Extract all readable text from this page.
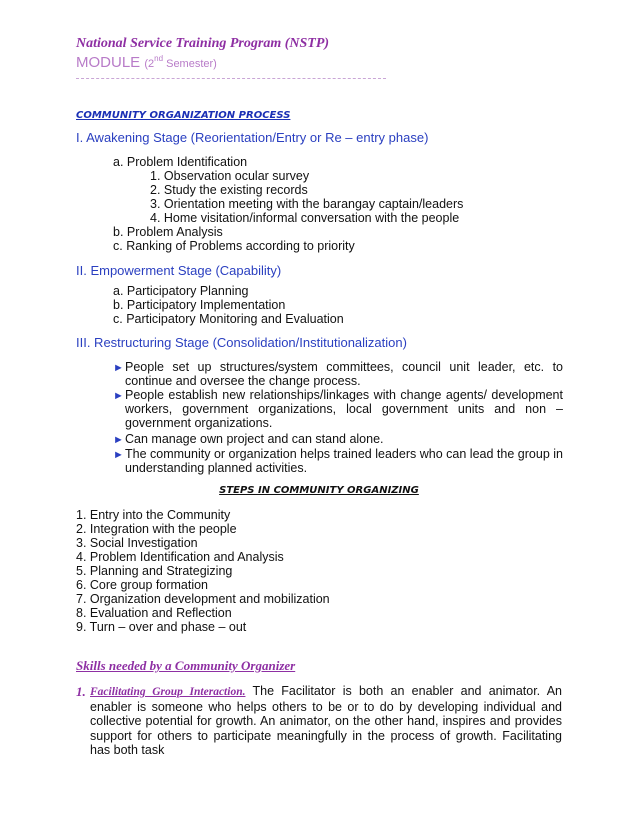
National Service Training Program (NSTP)
MODULE (2nd Semester)
COMMUNITY ORGANIZATION PROCESS
I. Awakening Stage (Reorientation/Entry or Re – entry phase)
a. Problem Identification
1. Observation ocular survey
2. Study the existing records
3. Orientation meeting with the barangay captain/leaders
4. Home visitation/informal conversation with the people
b. Problem Analysis
c. Ranking of Problems according to priority
II. Empowerment Stage (Capability)
a. Participatory Planning
b. Participatory Implementation
c. Participatory Monitoring and Evaluation
III. Restructuring Stage (Consolidation/Institutionalization)
► People set up structures/system committees, council unit leader, etc. to continue and oversee the change process.
► People establish new relationships/linkages with change agents/ development workers, government organizations, local government units and non – government organizations.
► Can manage own project and can stand alone.
► The community or organization helps trained leaders who can lead the group in understanding planned activities.
STEPS IN COMMUNITY ORGANIZING
1. Entry into the Community
2. Integration with the people
3. Social Investigation
4. Problem Identification and Analysis
5. Planning and Strategizing
6. Core group formation
7. Organization development and mobilization
8. Evaluation and Reflection
9. Turn – over and phase – out
Skills needed by a Community Organizer
1. Facilitating Group Interaction. The Facilitator is both an enabler and animator. An enabler is someone who helps others to be or to do by developing individual and collective potential for growth. An animator, on the other hand, inspires and provides support for others to participate meaningfully in the process of growth. Facilitating has both task
